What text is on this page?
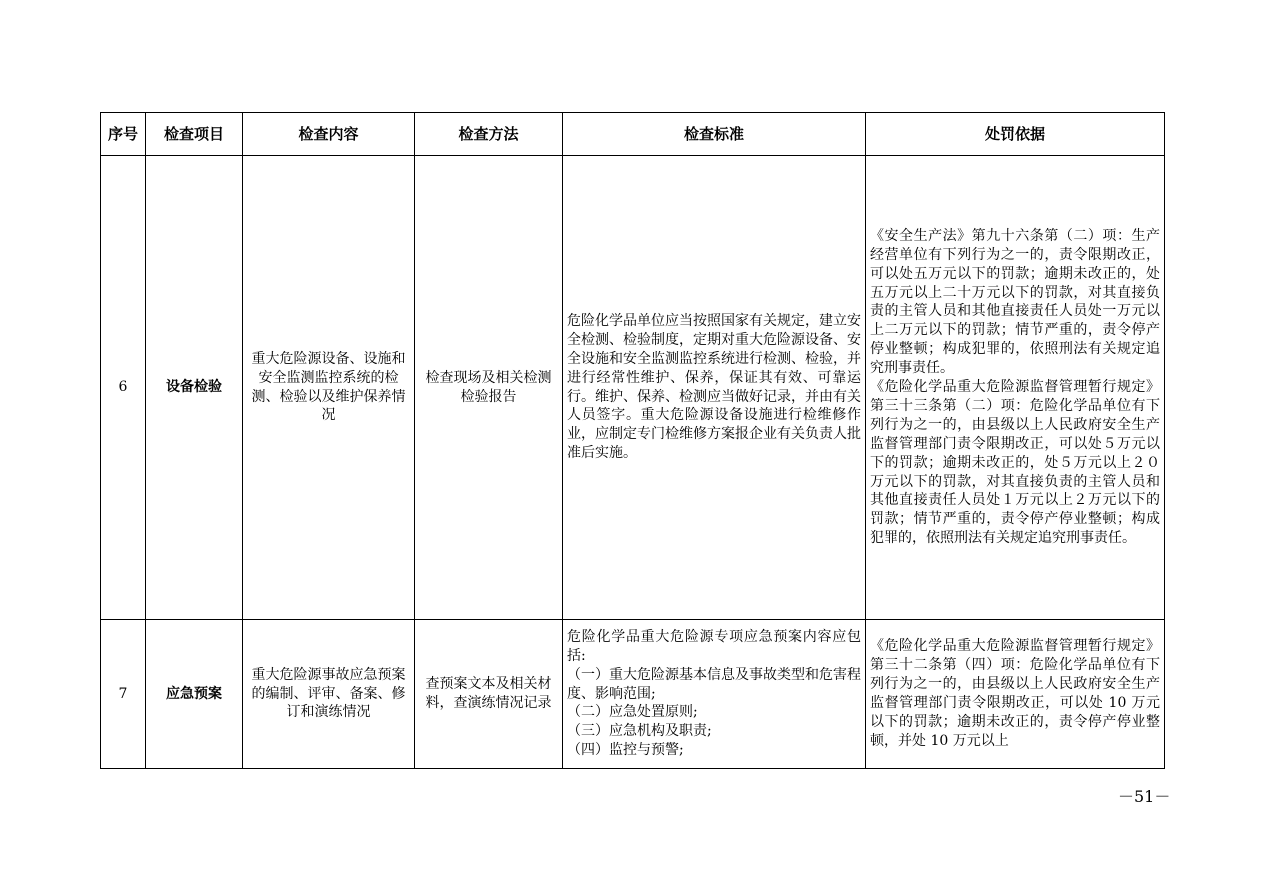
序号	检查项目	检查内容	检查方法	检查标准	处罚依据
6	设备检验	重大危险源设备、设施和安全监测监控系统的检测、检验以及维护保养情况	检查现场及相关检测检验报告	危险化学品单位应当按照国家有关规定，建立安全检测、检验制度，定期对重大危险源设备、安全设施和安全监测监控系统进行检测、检验，并进行经常性维护、保养，保证其有效、可靠运行。维护、保养、检测应当做好记录，并由有关人员签字。重大危险源设备设施进行检维修作业，应制定专门检维修方案报企业有关负责人批准后实施。	《安全生产法》第九十六条第（二）项：生产经营单位有下列行为之一的，责令限期改正，可以处五万元以下的罚款；逾期未改正的，处五万元以上二十万元以下的罚款，对其直接负责的主管人员和其他直接责任人员处一万元以上二万元以下的罚款；情节严重的，责令停产停业整顿；构成犯罪的，依照刑法有关规定追究刑事责任。
《危险化学品重大危险源监督管理暂行规定》第三十三条第（二）项：危险化学品单位有下列行为之一的，由县级以上人民政府安全生产监督管理部门责令限期改正，可以处５万元以下的罚款；逾期未改正的，处５万元以上２０万元以下的罚款，对其直接负责的主管人员和其他直接责任人员处１万元以上２万元以下的罚款；情节严重的，责令停产停业整顿；构成犯罪的，依照刑法有关规定追究刑事责任。

7	应急预案	重大危险源事故应急预案的编制、评审、备案、修订和演练情况	查预案文本及相关材料，查演练情况记录	危险化学品重大危险源专项应急预案内容应包括:
（一）重大危险源基本信息及事故类型和危害程度、影响范围;
（二）应急处置原则;
（三）应急机构及职责;
（四）监控与预警;	《危险化学品重大危险源监督管理暂行规定》第三十二条第（四）项：危险化学品单位有下列行为之一的，由县级以上人民政府安全生产监督管理部门责令限期改正，可以处 10 万元以下的罚款；逾期未改正的，责令停产停业整顿，并处 10 万元以上
－51－
